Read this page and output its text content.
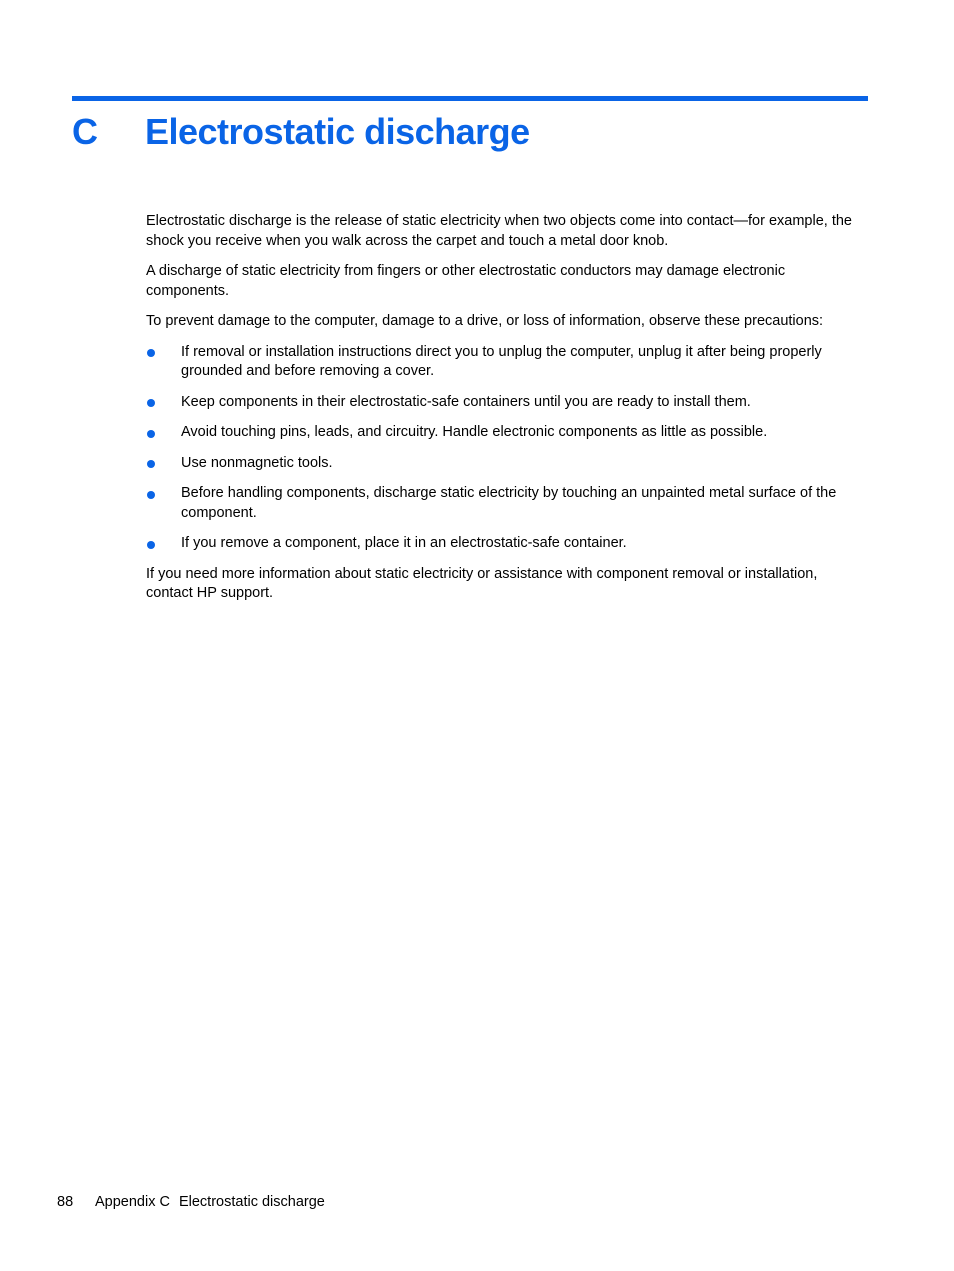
C Electrostatic discharge

Electrostatic discharge is the release of static electricity when two objects come into contact—for example, the shock you receive when you walk across the carpet and touch a metal door knob.

A discharge of static electricity from fingers or other electrostatic conductors may damage electronic components.

To prevent damage to the computer, damage to a drive, or loss of information, observe these precautions:

If removal or installation instructions direct you to unplug the computer, unplug it after being properly grounded and before removing a cover.
Keep components in their electrostatic-safe containers until you are ready to install them.
Avoid touching pins, leads, and circuitry. Handle electronic components as little as possible.
Use nonmagnetic tools.
Before handling components, discharge static electricity by touching an unpainted metal surface of the component.
If you remove a component, place it in an electrostatic-safe container.

If you need more information about static electricity or assistance with component removal or installation, contact HP support.

88 Appendix C Electrostatic discharge
